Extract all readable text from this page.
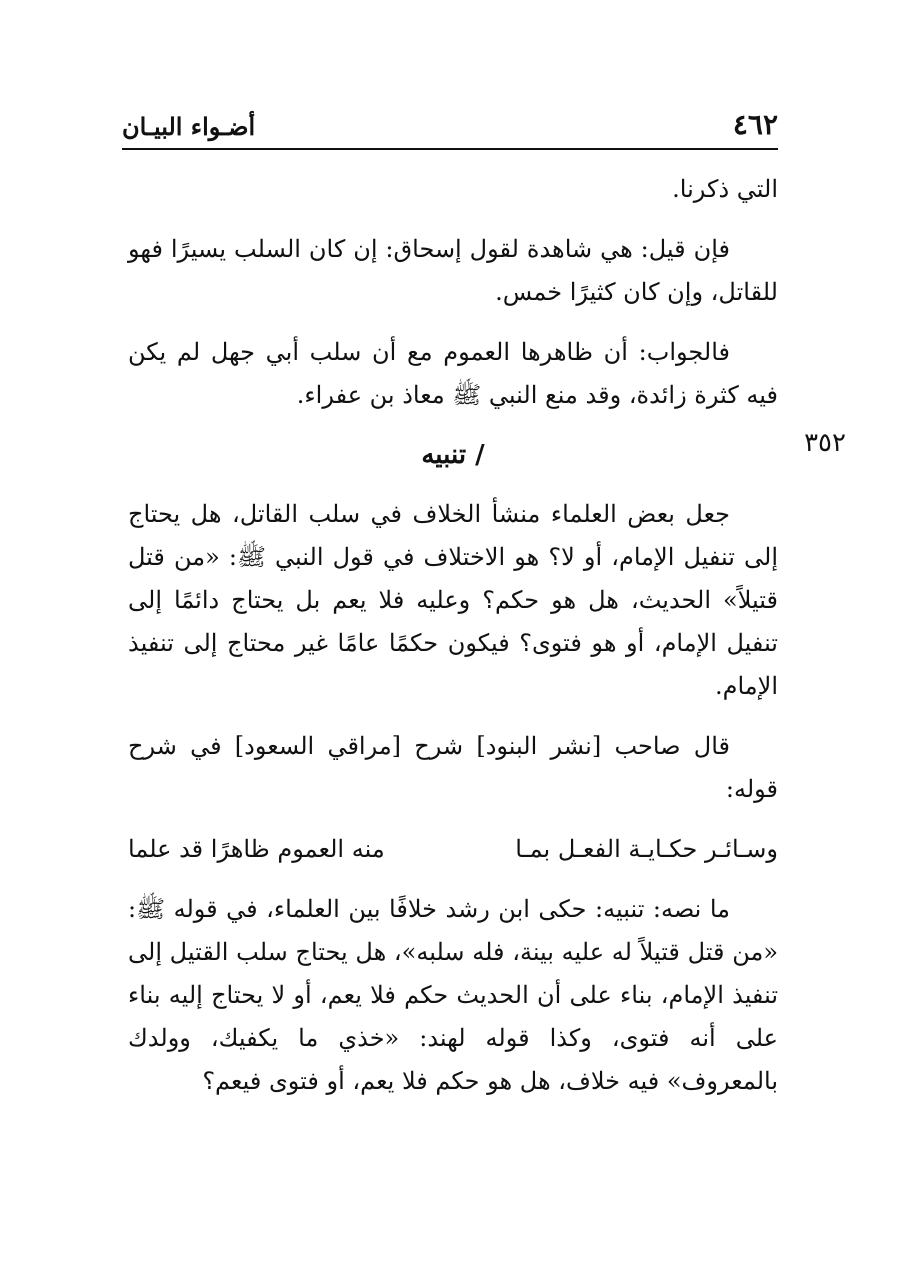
٤٦٢
أضـواء البيـان
٣٥٢

التي ذكرنا.

فإن قيل: هي شاهدة لقول إسحاق: إن كان السلب يسيرًا فهو للقاتل، وإن كان كثيرًا خمس.

فالجواب: أن ظاهرها العموم مع أن سلب أبي جهل لم يكن فيه كثرة زائدة، وقد منع النبي ﷺ معاذ بن عفراء.

/ تنبيه

جعل بعض العلماء منشأ الخلاف في سلب القاتل، هل يحتاج إلى تنفيل الإمام، أو لا؟ هو الاختلاف في قول النبي ﷺ: «من قتل قتيلاً» الحديث، هل هو حكم؟ وعليه فلا يعم بل يحتاج دائمًا إلى تنفيل الإمام، أو هو فتوى؟ فيكون حكمًا عامًا غير محتاج إلى تنفيذ الإمام.

قال صاحب [نشر البنود] شرح [مراقي السعود] في شرح قوله:

وسـائـر حكـايـة الفعـل بمـا
منه العموم ظاهرًا قد علما

ما نصه: تنبيه: حكى ابن رشد خلافًا بين العلماء، في قوله ﷺ: «من قتل قتيلاً له عليه بينة، فله سلبه»، هل يحتاج سلب القتيل إلى تنفيذ الإمام، بناء على أن الحديث حكم فلا يعم، أو لا يحتاج إليه بناء على أنه فتوى، وكذا قوله لهند: «خذي ما يكفيك، وولدك بالمعروف» فيه خلاف، هل هو حكم فلا يعم، أو فتوى فيعم؟
